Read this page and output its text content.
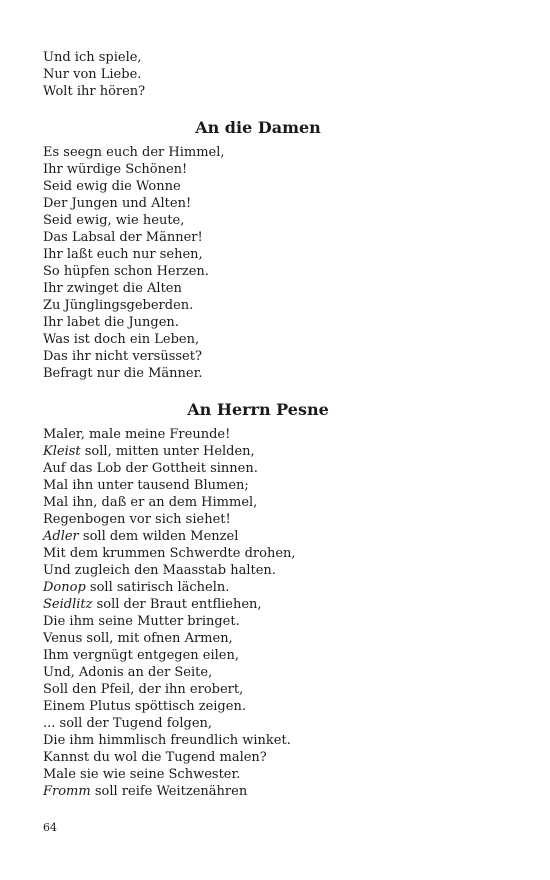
Und ich spiele,
Nur von Liebe.
Wolt ihr hören?
An die Damen
Es seegn euch der Himmel,
Ihr würdige Schönen!
Seid ewig die Wonne
Der Jungen und Alten!
Seid ewig, wie heute,
Das Labsal der Männer!
Ihr laßt euch nur sehen,
So hüpfen schon Herzen.
Ihr zwinget die Alten
Zu Jünglingsgeberden.
Ihr labet die Jungen.
Was ist doch ein Leben,
Das ihr nicht versüsset?
Befragt nur die Männer.
An Herrn Pesne
Maler, male meine Freunde!
Kleist soll, mitten unter Helden,
Auf das Lob der Gottheit sinnen.
Mal ihn unter tausend Blumen;
Mal ihn, daß er an dem Himmel,
Regenbogen vor sich siehet!
Adler soll dem wilden Menzel
Mit dem krummen Schwerdte drohen,
Und zugleich den Maasstab halten.
Donop soll satirisch lächeln.
Seidlitz soll der Braut entfliehen,
Die ihm seine Mutter bringet.
Venus soll, mit ofnen Armen,
Ihm vergnügt entgegen eilen,
Und, Adonis an der Seite,
Soll den Pfeil, der ihn erobert,
Einem Plutus spöttisch zeigen.
... soll der Tugend folgen,
Die ihm himmlisch freundlich winket.
Kannst du wol die Tugend malen?
Male sie wie seine Schwester.
Fromm soll reife Weitzenähren
64
